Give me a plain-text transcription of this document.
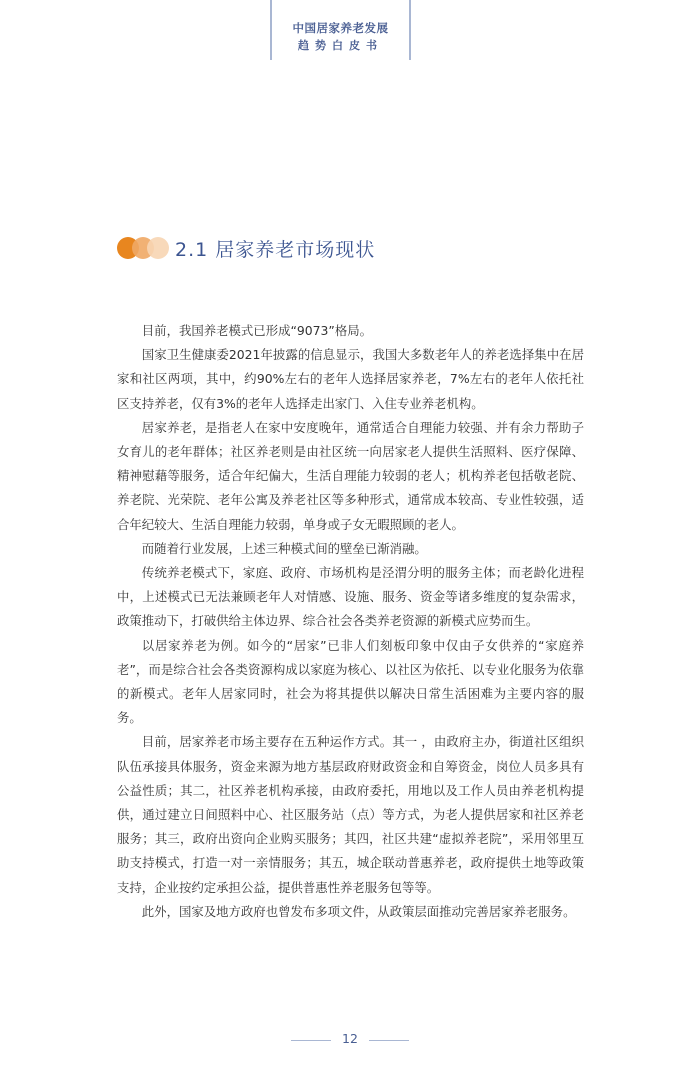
中国居家养老发展
趋势白皮书
2.1 居家养老市场现状

目前，我国养老模式已形成“9073”格局。

国家卫生健康委2021年披露的信息显示，我国大多数老年人的养老选择集中在居家和社区两项，其中，约90%左右的老年人选择居家养老，7%左右的老年人依托社区支持养老，仅有3%的老年人选择走出家门、入住专业养老机构。

居家养老，是指老人在家中安度晚年，通常适合自理能力较强、并有余力帮助子女育儿的老年群体；社区养老则是由社区统一向居家老人提供生活照料、医疗保障、精神慰藉等服务，适合年纪偏大，生活自理能力较弱的老人；机构养老包括敬老院、养老院、光荣院、老年公寓及养老社区等多种形式，通常成本较高、专业性较强，适合年纪较大、生活自理能力较弱，单身或子女无暇照顾的老人。

而随着行业发展，上述三种模式间的壁垒已渐消融。

传统养老模式下，家庭、政府、市场机构是泾渭分明的服务主体；而老龄化进程中，上述模式已无法兼顾老年人对情感、设施、服务、资金等诸多维度的复杂需求，政策推动下，打破供给主体边界、综合社会各类养老资源的新模式应势而生。

以居家养老为例。如今的“居家”已非人们刻板印象中仅由子女供养的“家庭养老”，而是综合社会各类资源构成以家庭为核心、以社区为依托、以专业化服务为依靠的新模式。老年人居家同时，社会为将其提供以解决日常生活困难为主要内容的服务。

目前，居家养老市场主要存在五种运作方式。其一 ，由政府主办，街道社区组织队伍承接具体服务，资金来源为地方基层政府财政资金和自筹资金，岗位人员多具有公益性质；其二，社区养老机构承接，由政府委托，用地以及工作人员由养老机构提供，通过建立日间照料中心、社区服务站（点）等方式，为老人提供居家和社区养老服务；其三，政府出资向企业购买服务；其四，社区共建“虚拟养老院”，采用邻里互助支持模式，打造一对一亲情服务；其五，城企联动普惠养老，政府提供土地等政策支持，企业按约定承担公益，提供普惠性养老服务包等等。

此外，国家及地方政府也曾发布多项文件，从政策层面推动完善居家养老服务。

12
